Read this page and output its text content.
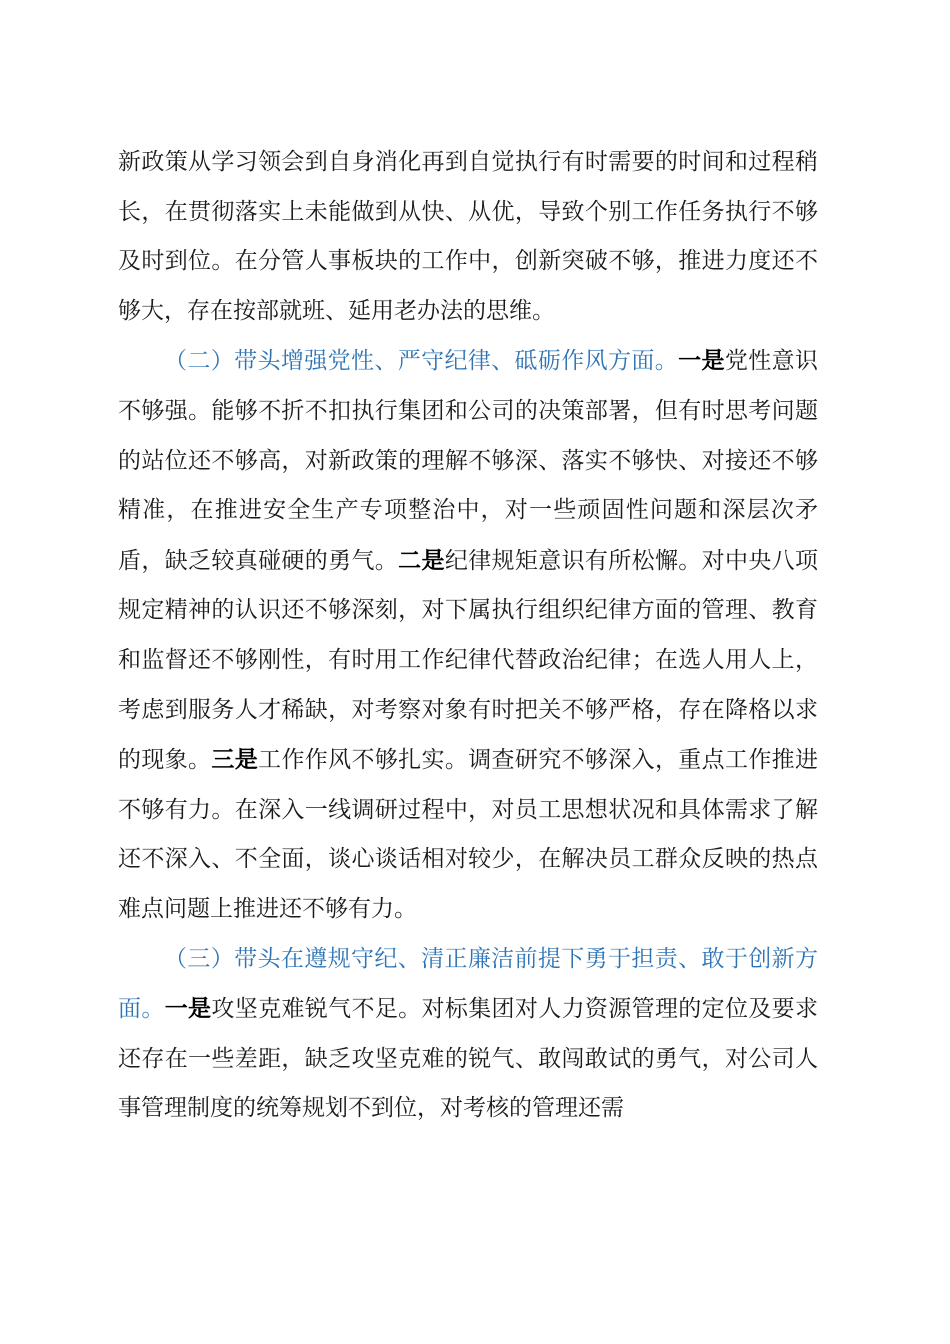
新政策从学习领会到自身消化再到自觉执行有时需要的时间和过程稍长，在贯彻落实上未能做到从快、从优，导致个别工作任务执行不够及时到位。在分管人事板块的工作中，创新突破不够，推进力度还不够大，存在按部就班、延用老办法的思维。

（二）带头增强党性、严守纪律、砥砺作风方面。一是党性意识不够强。能够不折不扣执行集团和公司的决策部署，但有时思考问题的站位还不够高，对新政策的理解不够深、落实不够快、对接还不够精准，在推进安全生产专项整治中，对一些顽固性问题和深层次矛盾，缺乏较真碰硬的勇气。二是纪律规矩意识有所松懈。对中央八项规定精神的认识还不够深刻，对下属执行组织纪律方面的管理、教育和监督还不够刚性，有时用工作纪律代替政治纪律；在选人用人上，考虑到服务人才稀缺，对考察对象有时把关不够严格，存在降格以求的现象。三是工作作风不够扎实。调查研究不够深入，重点工作推进不够有力。在深入一线调研过程中，对员工思想状况和具体需求了解还不深入、不全面，谈心谈话相对较少，在解决员工群众反映的热点难点问题上推进还不够有力。

（三）带头在遵规守纪、清正廉洁前提下勇于担责、敢于创新方面。一是攻坚克难锐气不足。对标集团对人力资源管理的定位及要求还存在一些差距，缺乏攻坚克难的锐气、敢闯敢试的勇气，对公司人事管理制度的统筹规划不到位，对考核的管理还需
